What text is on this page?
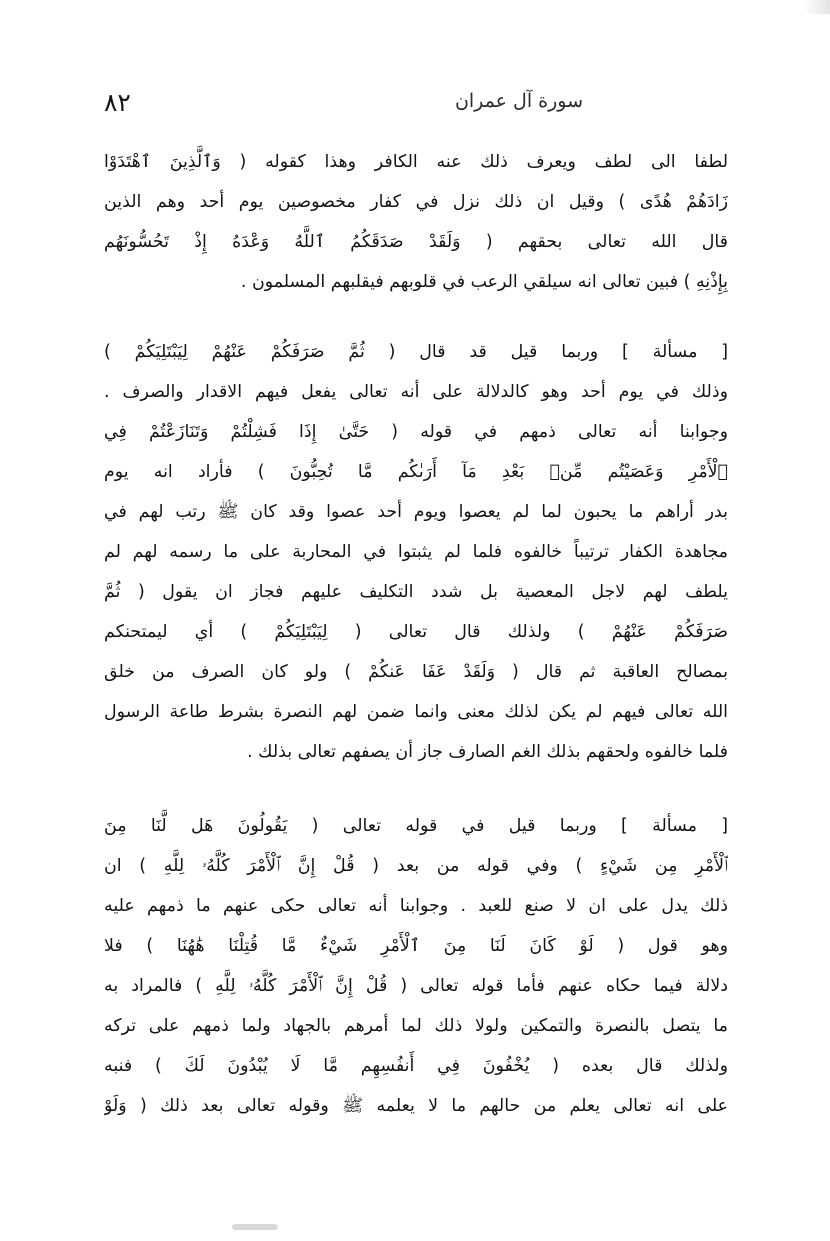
٨٢	سورة آل عمران
لطفا الى لطف ويعرف ذلك عنه الكافر وهذا كقوله ( وَٱلَّذِينَ ٱهْتَدَوْا
زَادَهُمْ هُدًى ) وقيل ان ذلك نزل في كفار مخصوصين يوم أحد وهم الذين
قال الله تعالى بحقهم ( وَلَقَدْ صَدَقَكُمُ ٱللَّهُ وَعْدَهُ إِذْ تَحُسُّونَهُم
بِإِذْنِهِ ) فبين تعالى انه سيلقي الرعب في قلوبهم فيقلبهم المسلمون .
[ مسألة ] وربما قيل قد قال ( ثُمَّ صَرَفَكُمْ عَنْهُمْ لِيَبْتَلِيَكُمْ )
وذلك في يوم أحد وهو كالدلالة على أنه تعالى يفعل فيهم الاقدار والصرف .
وجوابنا أنه تعالى ذمهم في قوله ( حَتَّىٰ إِذَا فَشِلْتُمْ وَتَنَازَعْتُمْ فِي
ٱلْأَمْرِ وَعَصَيْتُم مِّنۢ بَعْدِ مَآ أَرَىٰكُم مَّا تُحِبُّونَ ) فأراد انه يوم
بدر أراهم ما يحبون لما لم يعصوا ويوم أحد عصوا وقد كان ﷺ رتب لهم في
مجاهدة الكفار ترتيباً خالفوه فلما لم يثبتوا في المحاربة على ما رسمه لهم لم
يلطف لهم لاجل المعصية بل شدد التكليف عليهم فجاز ان يقول ( ثُمَّ
صَرَفَكُمْ عَنْهُمْ ) ولذلك قال تعالى ( لِيَبْتَلِيَكُمْ ) أي ليمتحنكم
بمصالح العاقبة ثم قال ( وَلَقَدْ عَفَا عَنكُمْ ) ولو كان الصرف من خلق
الله تعالى فيهم لم يكن لذلك معنى وانما ضمن لهم النصرة بشرط طاعة الرسول
فلما خالفوه ولحقهم بذلك الغم الصارف جاز أن يصفهم تعالى بذلك .
[ مسألة ] وربما قيل في قوله تعالى ( يَقُولُونَ هَل لَّنَا مِنَ
ٱلْأَمْرِ مِن شَيْءٍ ) وفي قوله من بعد ( قُلْ إِنَّ ٱلْأَمْرَ كُلَّهُۥ لِلَّهِ ) ان
ذلك يدل على ان لا صنع للعبد . وجوابنا أنه تعالى حكى عنهم ما ذمهم عليه
وهو قول ( لَوْ كَانَ لَنَا مِنَ ٱلْأَمْرِ شَيْءٌ مَّا قُتِلْنَا هَٰهُنَا ) فلا
دلالة فيما حكاه عنهم فأما قوله تعالى ( قُلْ إِنَّ ٱلْأَمْرَ كُلَّهُۥ لِلَّهِ ) فالمراد به
ما يتصل بالنصرة والتمكين ولولا ذلك لما أمرهم بالجهاد ولما ذمهم على تركه
ولذلك قال بعده ( يُخْفُونَ فِي أَنفُسِهِم مَّا لَا يُبْدُونَ لَكَ ) فنبه
على انه تعالى يعلم من حالهم ما لا يعلمه ﷺ وقوله تعالى بعد ذلك ( وَلَوْ
